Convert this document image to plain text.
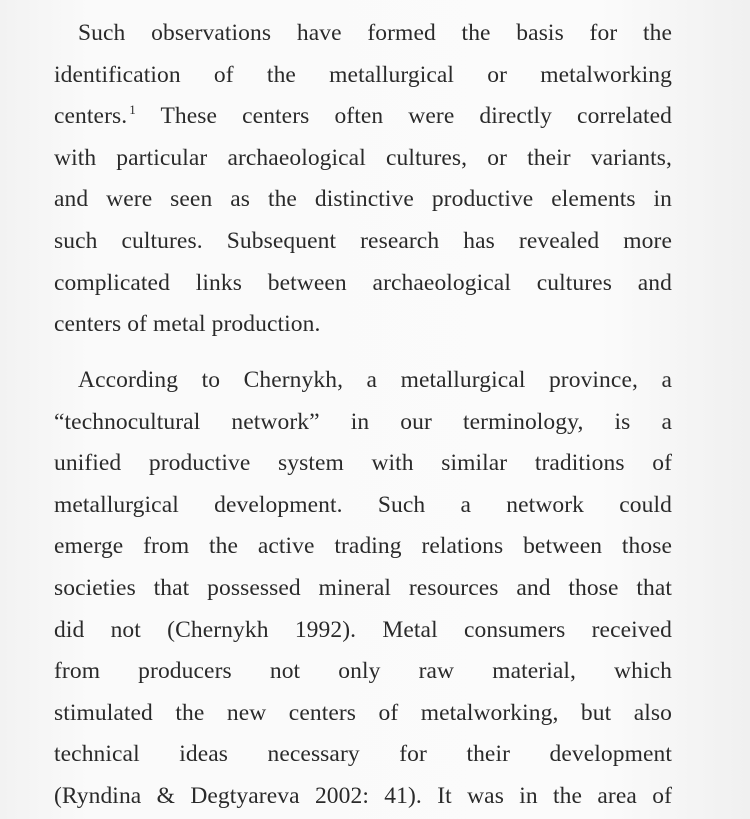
Such observations have formed the basis for the
identification of the metallurgical or metalworking
centers. $^1$ These centers often were directly correlated
with particular archaeological cultures, or their variants,
and were seen as the distinctive productive elements in
such cultures. Subsequent research has revealed more
complicated links between archaeological cultures and
centers of metal production.
According to Chernykh, a metallurgical province, a
“technocultural network” in our terminology, is a
unified productive system with similar traditions of
metallurgical development. Such a network could
emerge from the active trading relations between those
societies that possessed mineral resources and those that
did not (Chernykh 1992). Metal consumers received
from producers not only raw material, which
stimulated the new centers of metalworking, but also
technical ideas necessary for their development
(Ryndina & Degtyareva 2002: 41). It was in the area of
